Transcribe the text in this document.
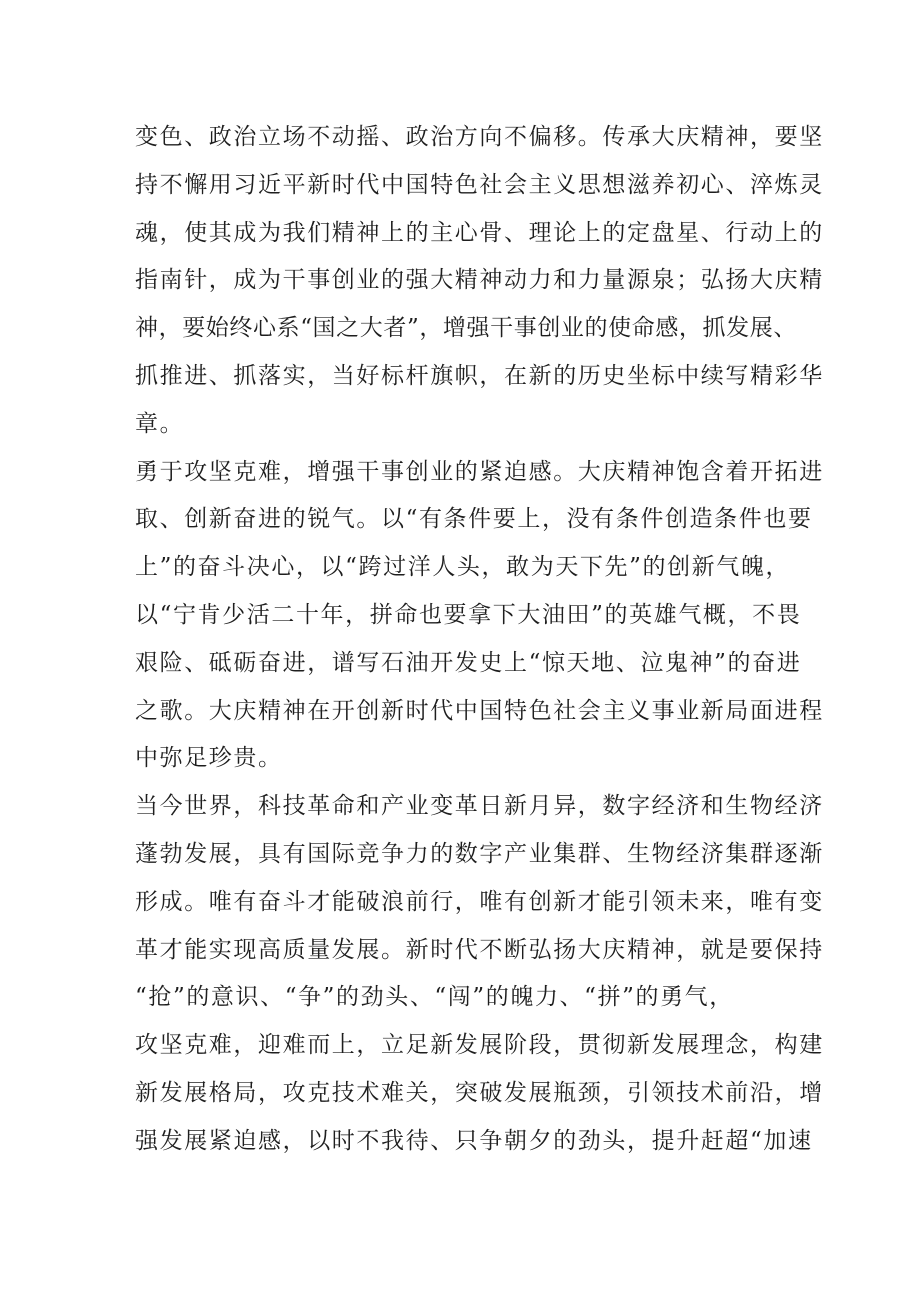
变色、政治立场不动摇、政治方向不偏移。传承大庆精神，要坚
持不懈用习近平新时代中国特色社会主义思想滋养初心、淬炼灵
魂，使其成为我们精神上的主心骨、理论上的定盘星、行动上的
指南针，成为干事创业的强大精神动力和力量源泉；弘扬大庆精
神，要始终心系“国之大者”，增强干事创业的使命感，抓发展、
抓推进、抓落实，当好标杆旗帜，在新的历史坐标中续写精彩华
章。
勇于攻坚克难，增强干事创业的紧迫感。大庆精神饱含着开拓进
取、创新奋进的锐气。以“有条件要上，没有条件创造条件也要
上”的奋斗决心，以“跨过洋人头，敢为天下先”的创新气魄，
以“宁肯少活二十年，拼命也要拿下大油田”的英雄气概，不畏
艰险、砥砺奋进，谱写石油开发史上“惊天地、泣鬼神”的奋进
之歌。大庆精神在开创新时代中国特色社会主义事业新局面进程
中弥足珍贵。
当今世界，科技革命和产业变革日新月异，数字经济和生物经济
蓬勃发展，具有国际竞争力的数字产业集群、生物经济集群逐渐
形成。唯有奋斗才能破浪前行，唯有创新才能引领未来，唯有变
革才能实现高质量发展。新时代不断弘扬大庆精神，就是要保持
“抢”的意识、“争”的劲头、“闯”的魄力、“拼”的勇气，
攻坚克难，迎难而上，立足新发展阶段，贯彻新发展理念，构建
新发展格局，攻克技术难关，突破发展瓶颈，引领技术前沿，增
强发展紧迫感，以时不我待、只争朝夕的劲头，提升赶超“加速
